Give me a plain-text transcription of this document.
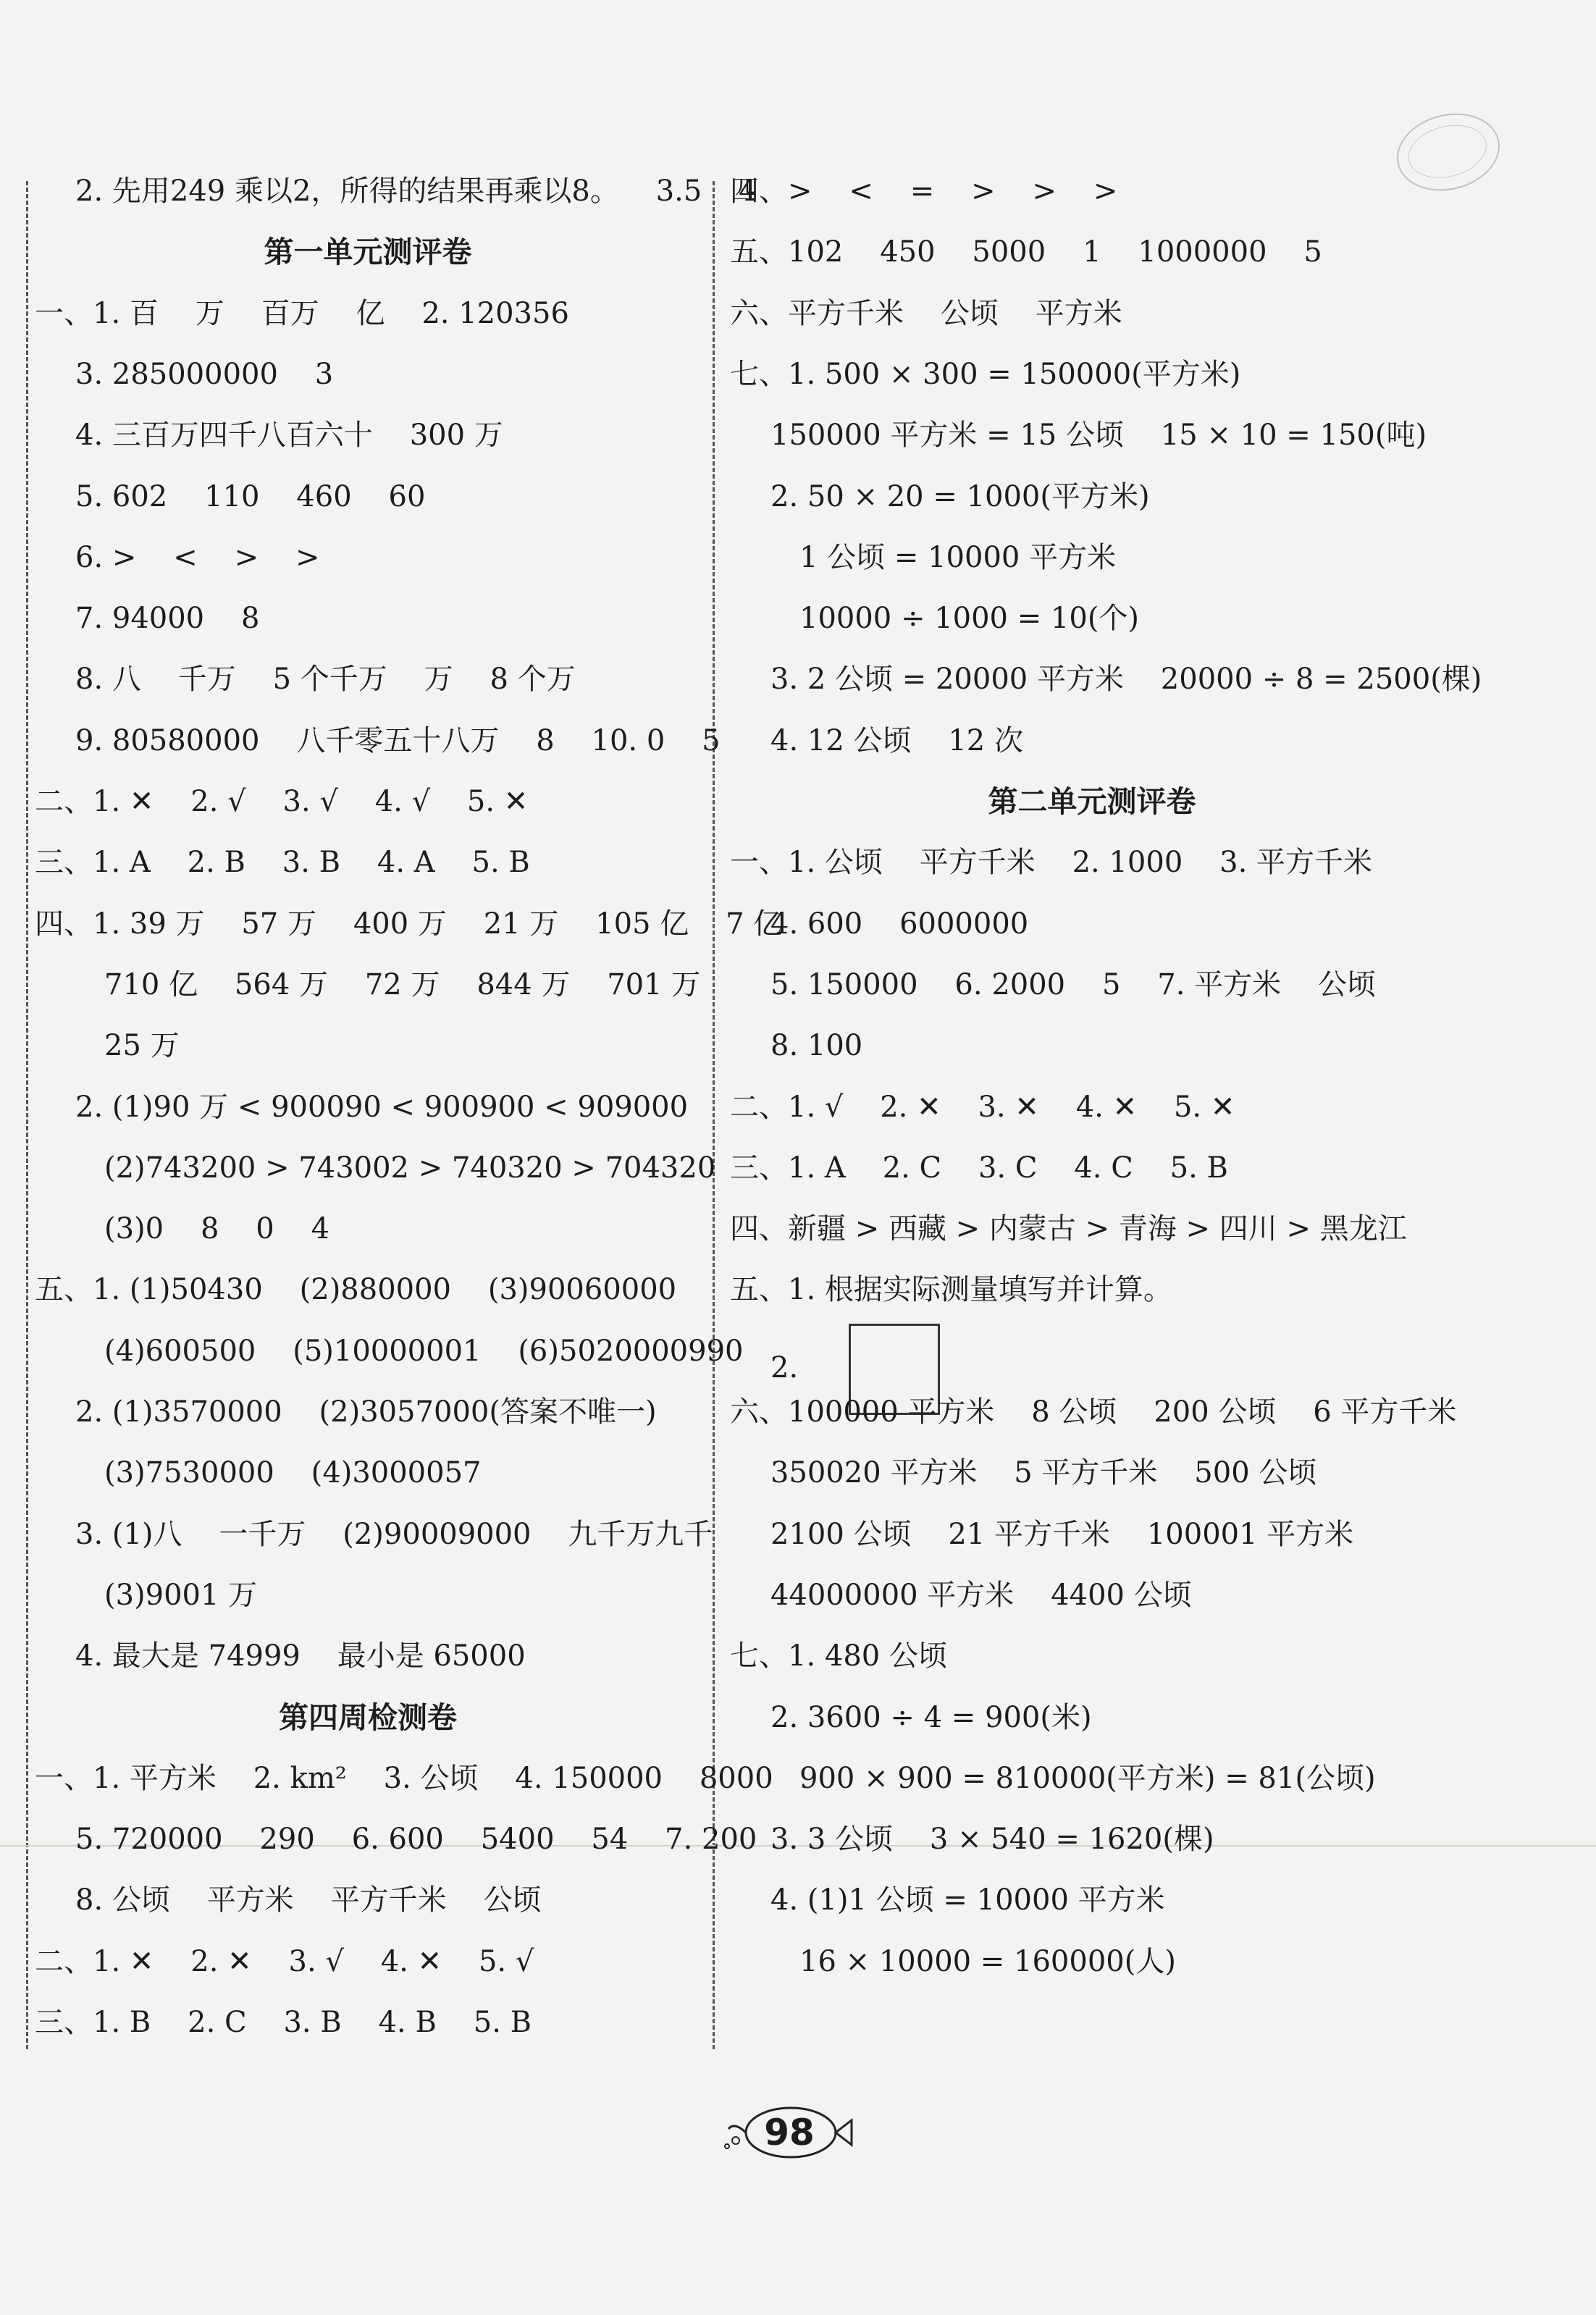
2. 先用249 乘以2，所得的结果再乘以8。    3.5    4
第一单元测评卷
一、1. 百    万    百万    亿    2. 120356
3. 285000000    3
4. 三百万四千八百六十    300 万
5. 602    110    460    60
6. >    <    >    >
7. 94000    8
8. 八    千万    5 个千万    万    8 个万
9. 80580000    八千零五十八万    8    10. 0    5
二、1. ✕    2. √    3. √    4. √    5. ✕
三、1. A    2. B    3. B    4. A    5. B
四、1. 39 万    57 万    400 万    21 万    105 亿    7 亿
710 亿    564 万    72 万    844 万    701 万
25 万
2. (1)90 万 < 900090 < 900900 < 909000
(2)743200 > 743002 > 740320 > 704320
(3)0    8    0    4
五、1. (1)50430    (2)880000    (3)90060000
(4)600500    (5)10000001    (6)5020000990
2. (1)3570000    (2)3057000(答案不唯一)
(3)7530000    (4)3000057
3. (1)八    一千万    (2)90009000    九千万九千
(3)9001 万
4. 最大是 74999    最小是 65000
第四周检测卷
一、1. 平方米    2. km²    3. 公顷    4. 150000    8000
5. 720000    290    6. 600    5400    54    7. 200
8. 公顷    平方米    平方千米    公顷
二、1. ✕    2. ✕    3. √    4. ✕    5. √
三、1. B    2. C    3. B    4. B    5. B
四、>    <    =    >    >    >
五、102    450    5000    1    1000000    5
六、平方千米    公顷    平方米
七、1. 500 × 300 = 150000(平方米)
150000 平方米 = 15 公顷    15 × 10 = 150(吨)
2. 50 × 20 = 1000(平方米)
1 公顷 = 10000 平方米
10000 ÷ 1000 = 10(个)
3. 2 公顷 = 20000 平方米    20000 ÷ 8 = 2500(棵)
4. 12 公顷    12 次
第二单元测评卷
一、1. 公顷    平方千米    2. 1000    3. 平方千米
4. 600    6000000
5. 150000    6. 2000    5    7. 平方米    公顷
8. 100
二、1. √    2. ✕    3. ✕    4. ✕    5. ✕
三、1. A    2. C    3. C    4. C    5. B
四、新疆 > 西藏 > 内蒙古 > 青海 > 四川 > 黑龙江
五、1. 根据实际测量填写并计算。
2.
六、100000 平方米    8 公顷    200 公顷    6 平方千米
350020 平方米    5 平方千米    500 公顷
2100 公顷    21 平方千米    100001 平方米
44000000 平方米    4400 公顷
七、1. 480 公顷
2. 3600 ÷ 4 = 900(米)
900 × 900 = 810000(平方米) = 81(公顷)
3. 3 公顷    3 × 540 = 1620(棵)
4. (1)1 公顷 = 10000 平方米
16 × 10000 = 160000(人)
98
